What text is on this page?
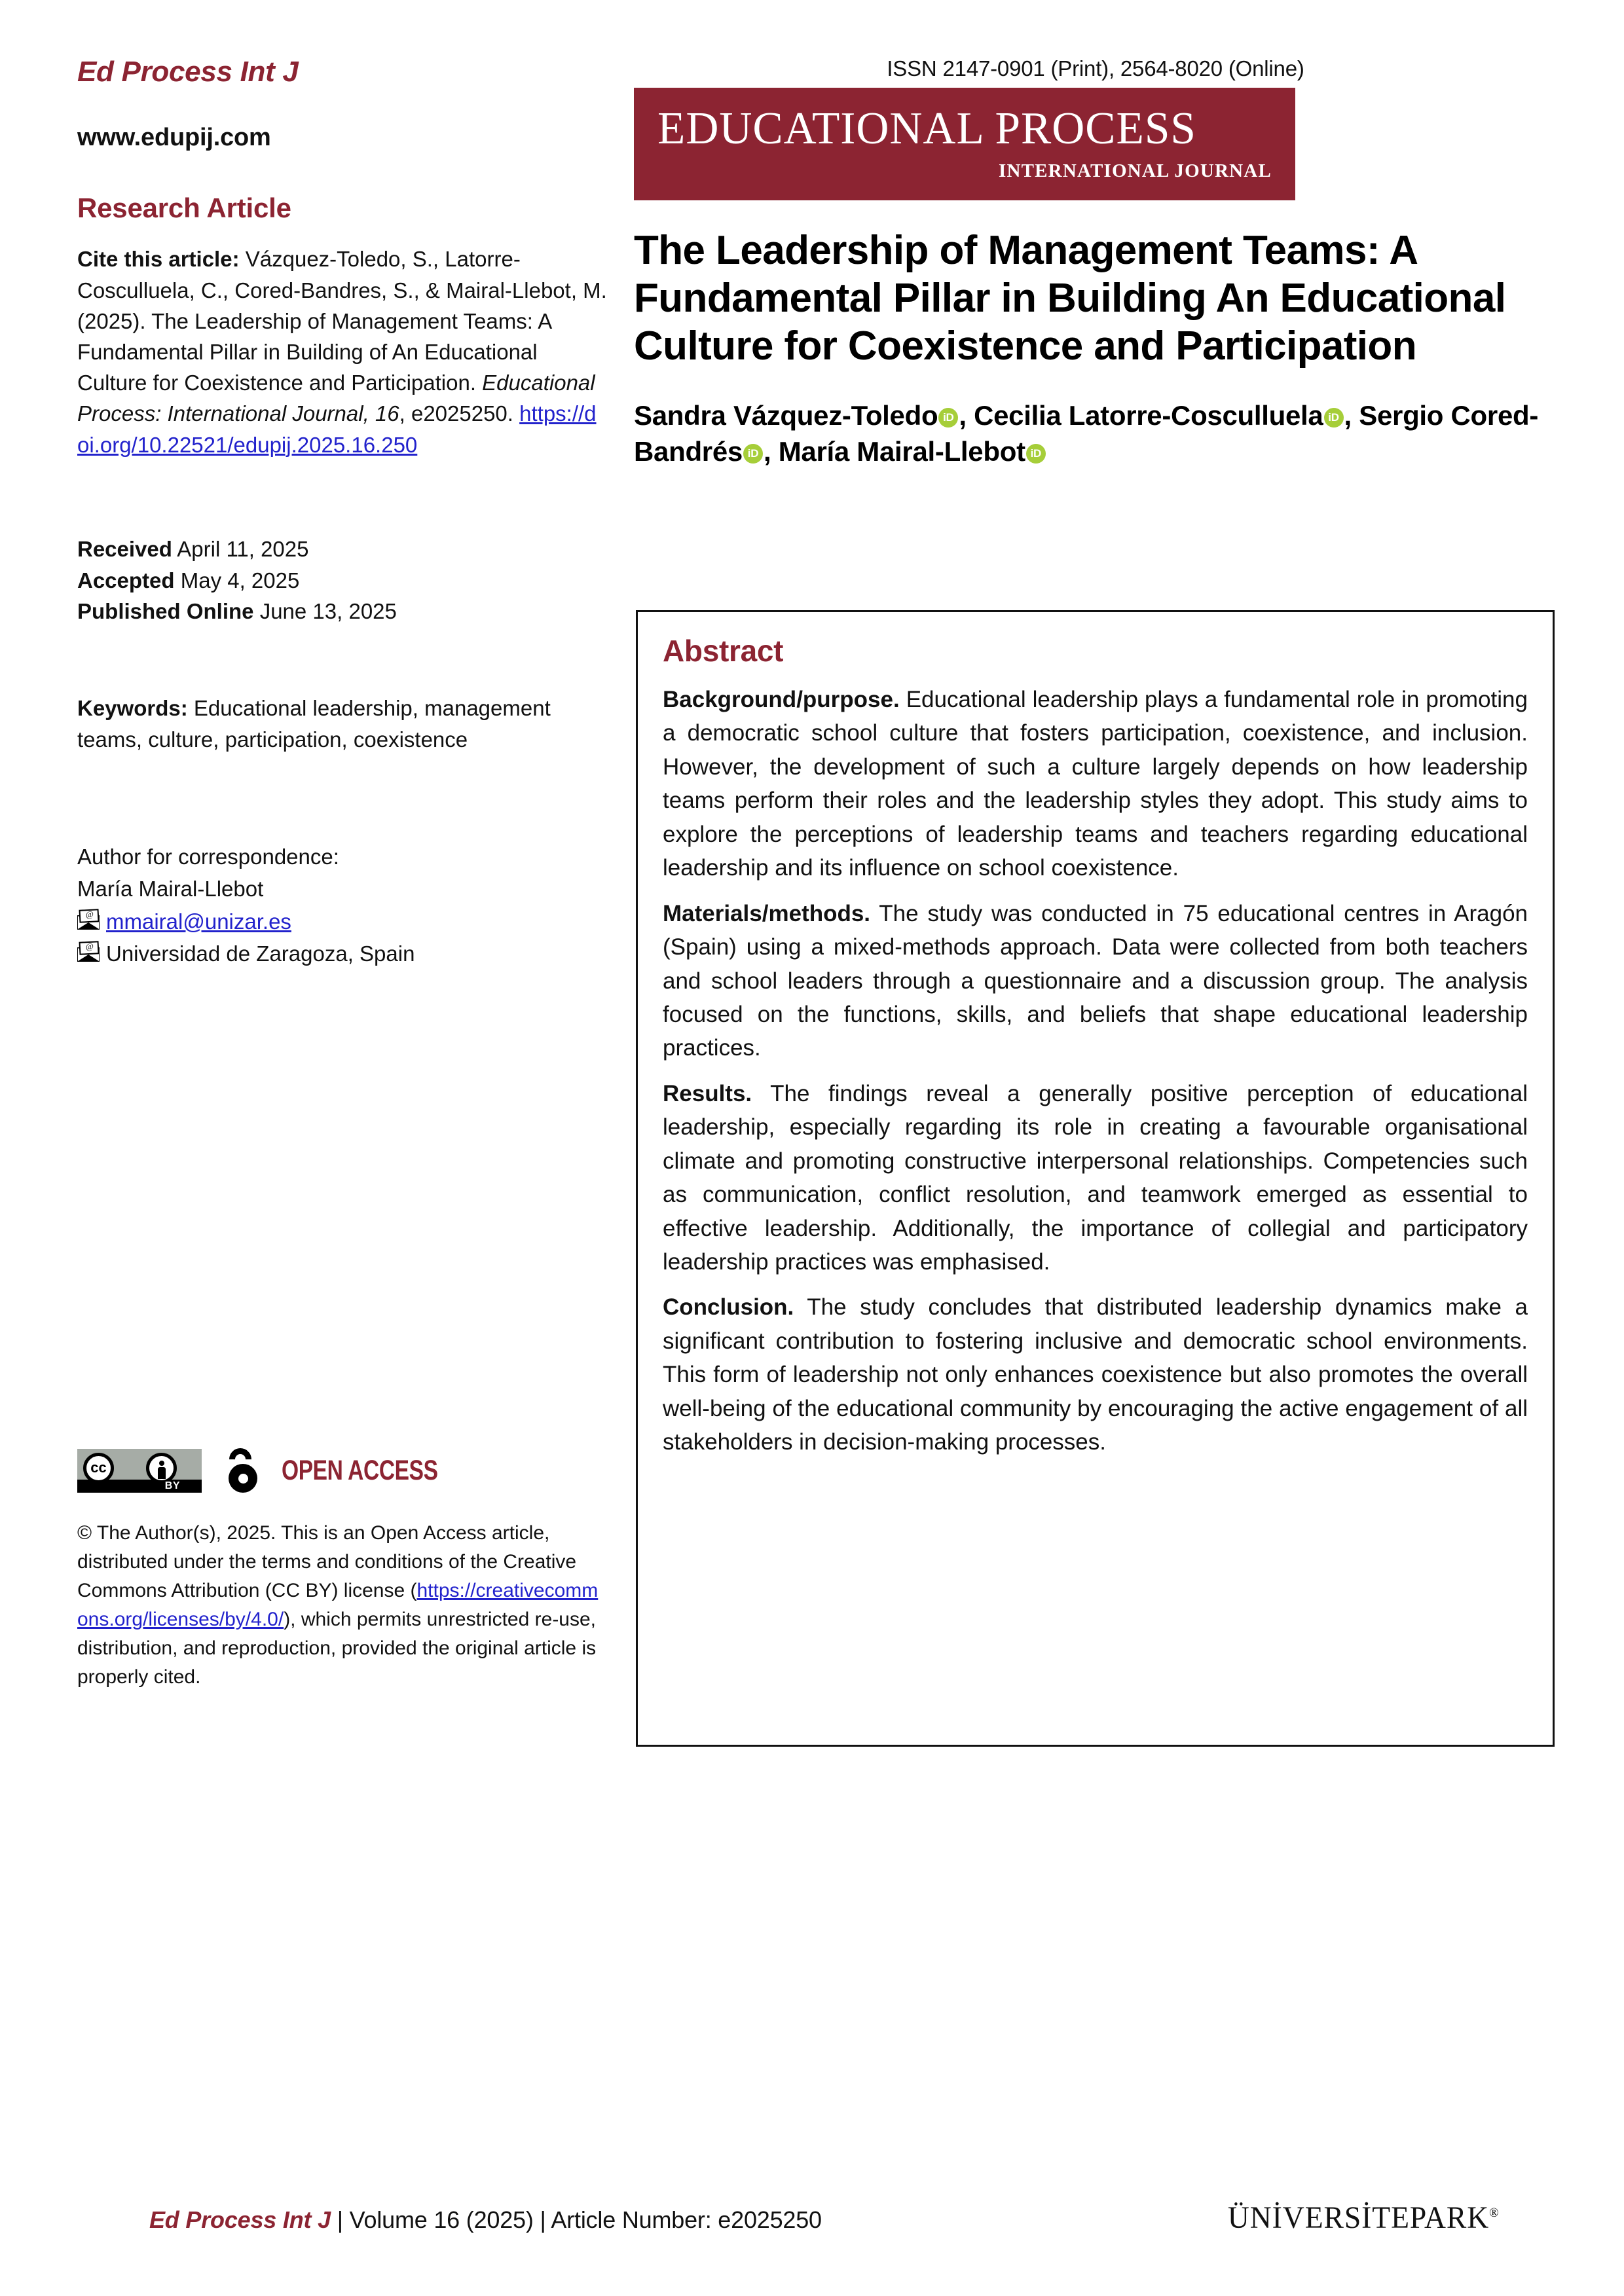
Ed Process Int J
www.edupij.com
Research Article
Cite this article: Vázquez-Toledo, S., Latorre-Cosculluela, C., Cored-Bandres, S., & Mairal-Llebot, M. (2025). The Leadership of Management Teams: A Fundamental Pillar in Building of An Educational Culture for Coexistence and Participation. Educational Process: International Journal, 16, e2025250. https://doi.org/10.22521/edupij.2025.16.250
Received April 11, 2025
Accepted May 4, 2025
Published Online June 13, 2025
Keywords: Educational leadership, management teams, culture, participation, coexistence
Author for correspondence:
María Mairal-Llebot
@ mmairal@unizar.es
@ Universidad de Zaragoza, Spain
cc
BY	OPEN ACCESS
© The Author(s), 2025. This is an Open Access article, distributed under the terms and conditions of the Creative Commons Attribution (CC BY) license (https://creativecommons.org/licenses/by/4.0/), which permits unrestricted re-use, distribution, and reproduction, provided the original article is properly cited.
ISSN 2147-0901 (Print), 2564-8020 (Online)
EDUCATIONAL PROCESS
INTERNATIONAL JOURNAL
The Leadership of Management Teams: A Fundamental Pillar in Building An Educational Culture for Coexistence and Participation
Sandra Vázquez-Toledo iD , Cecilia Latorre-Cosculluela iD , Sergio Cored-Bandrés iD , María Mairal-Llebot iD
Abstract

Background/purpose. Educational leadership plays a fundamental role in promoting a democratic school culture that fosters participation, coexistence, and inclusion. However, the development of such a culture largely depends on how leadership teams perform their roles and the leadership styles they adopt. This study aims to explore the perceptions of leadership teams and teachers regarding educational leadership and its influence on school coexistence.

Materials/methods. The study was conducted in 75 educational centres in Aragón (Spain) using a mixed-methods approach. Data were collected from both teachers and school leaders through a questionnaire and a discussion group. The analysis focused on the functions, skills, and beliefs that shape educational leadership practices.

Results. The findings reveal a generally positive perception of educational leadership, especially regarding its role in creating a favourable organisational climate and promoting constructive interpersonal relationships. Competencies such as communication, conflict resolution, and teamwork emerged as essential to effective leadership. Additionally, the importance of collegial and participatory leadership practices was emphasised.

Conclusion. The study concludes that distributed leadership dynamics make a significant contribution to fostering inclusive and democratic school environments. This form of leadership not only enhances coexistence but also promotes the overall well-being of the educational community by encouraging the active engagement of all stakeholders in decision-making processes.

Ed Process Int J | Volume 16 (2025) | Article Number: e2025250	ÜNİVERSİTEPARK®
